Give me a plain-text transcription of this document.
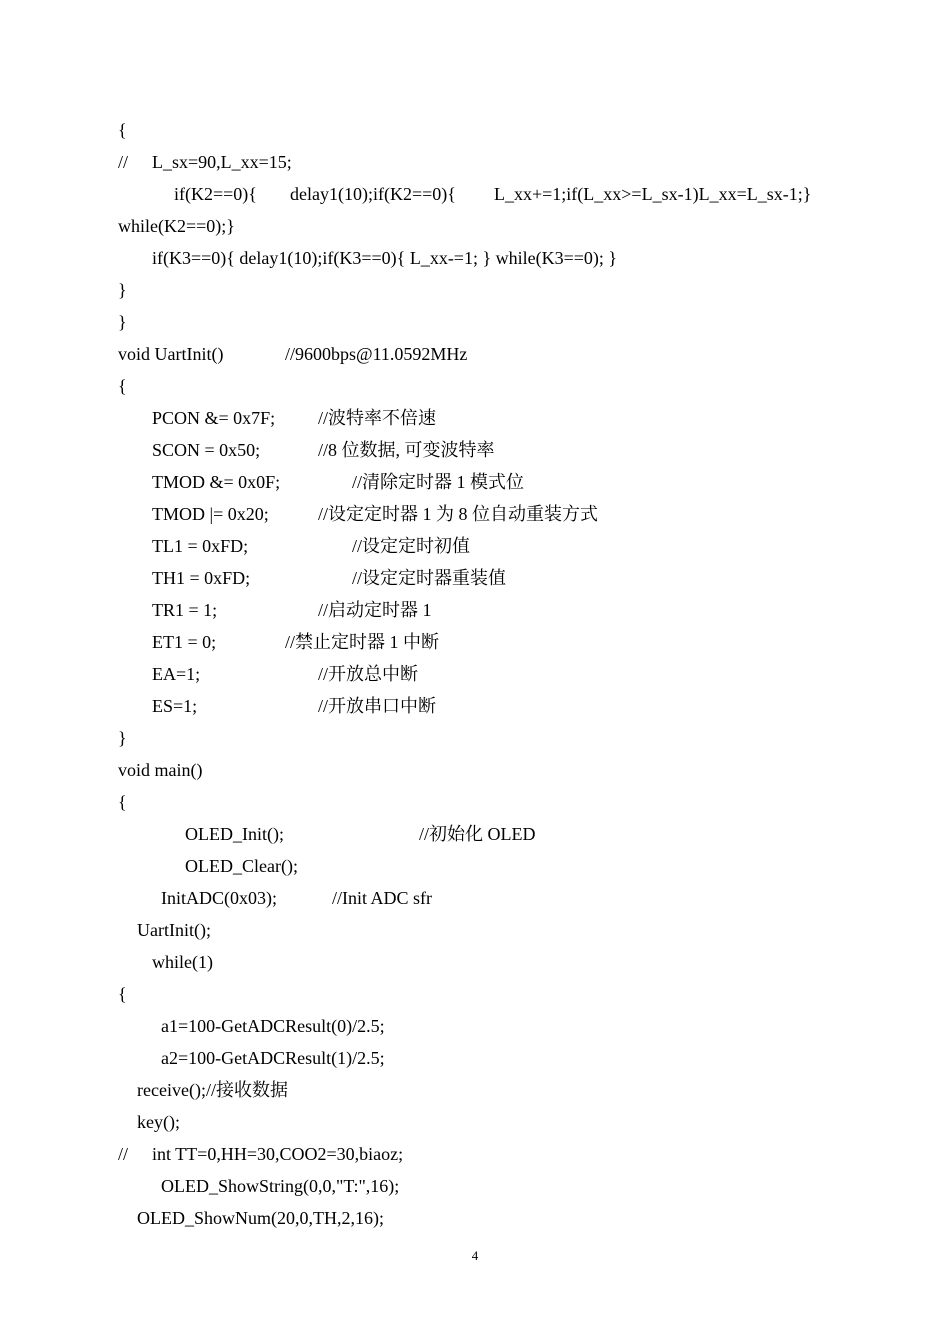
{
// L_sx=90,L_xx=15;
if(K2==0){ delay1(10);if(K2==0){ L_xx+=1;if(L_xx>=L_sx-1)L_xx=L_sx-1;}
while(K2==0);}
if(K3==0){ delay1(10);if(K3==0){ L_xx-=1; } while(K3==0); }
}
}
void UartInit()	//9600bps@11.0592MHz
{
PCON &= 0x7F; //波特率不倍速
SCON = 0x50;	//8 位数据, 可变波特率
TMOD &= 0x0F;	//清除定时器 1 模式位
TMOD |= 0x20;	//设定定时器 1 为 8 位自动重装方式
TL1 = 0xFD;	//设定定时初值
TH1 = 0xFD;	//设定定时器重装值
TR1 = 1;	//启动定时器 1
ET1 = 0;	//禁止定时器 1 中断
EA=1;	//开放总中断
ES=1;	//开放串口中断
}
void main()
{
OLED_Init();	//初始化 OLED
OLED_Clear();
InitADC(0x03);	//Init ADC sfr
UartInit();
while(1)
{
a1=100-GetADCResult(0)/2.5;
a2=100-GetADCResult(1)/2.5;
receive();//接收数据
key();
// int TT=0,HH=30,COO2=30,biaoz;
OLED_ShowString(0,0,"T:",16);
OLED_ShowNum(20,0,TH,2,16);
4
